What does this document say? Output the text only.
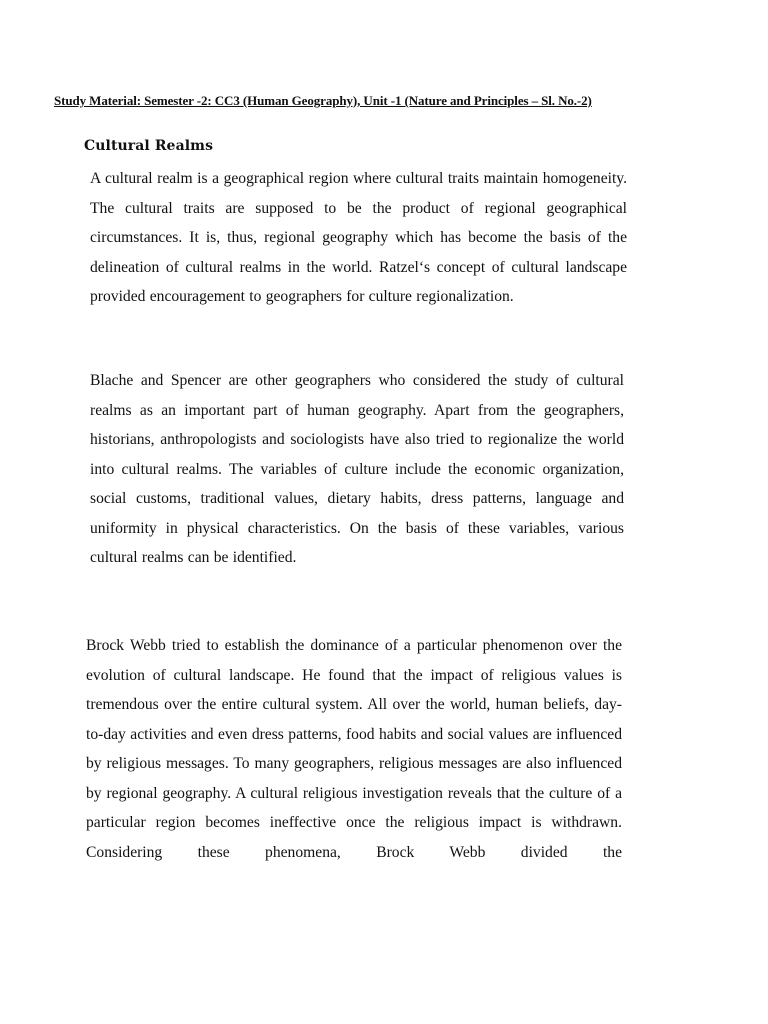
Study Material: Semester -2: CC3 (Human Geography), Unit -1 (Nature and Principles – Sl. No.-2)
Cultural Realms

A cultural realm is a geographical region where cultural traits maintain homogeneity. The cultural traits are supposed to be the product of regional geographical circumstances. It is, thus, regional geography which has become the basis of the delineation of cultural realms in the world. Ratzel‘s concept of cultural landscape provided encouragement to geographers for culture regionalization.

Blache and Spencer are other geographers who considered the study of cultural realms as an important part of human geography. Apart from the geographers, historians, anthropologists and sociologists have also tried to regionalize the world into cultural realms. The variables of culture include the economic organization, social customs, traditional values, dietary habits, dress patterns, language and uniformity in physical characteristics. On the basis of these variables, various cultural realms can be identified.

Brock Webb tried to establish the dominance of a particular phenomenon over the evolution of cultural landscape. He found that the impact of religious values is tremendous over the entire cultural system. All over the world, human beliefs, day-to-day activities and even dress patterns, food habits and social values are influenced by religious messages. To many geographers, religious messages are also influenced by regional geography. A cultural religious investigation reveals that the culture of a particular region becomes ineffective once the religious impact is withdrawn. Considering these phenomena, Brock Webb divided the
